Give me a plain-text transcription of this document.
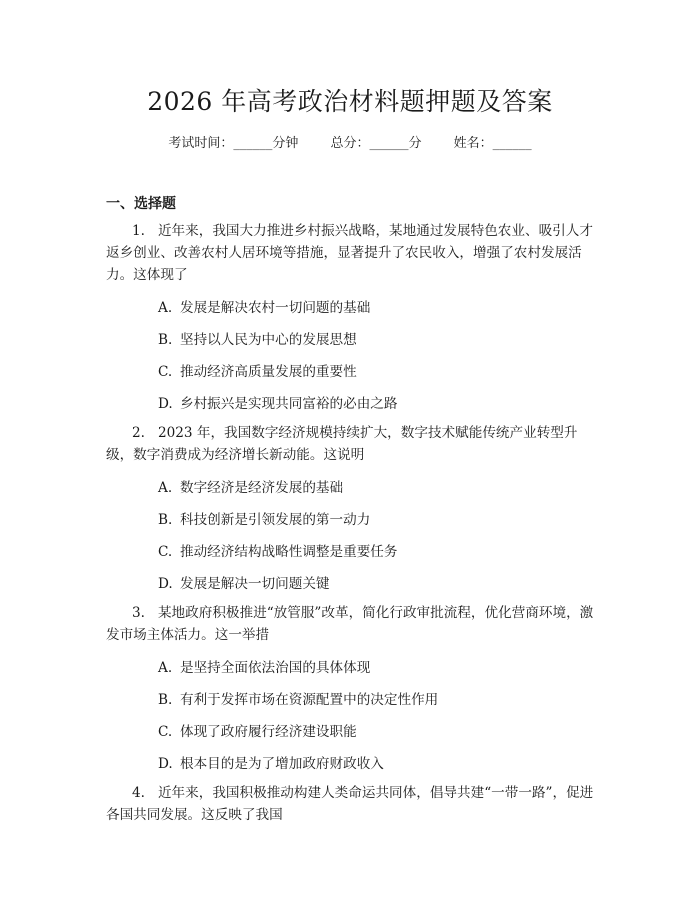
2026 年高考政治材料题押题及答案
考试时间：______分钟 总分：______分 姓名：______
一、选择题
1. 近年来，我国大力推进乡村振兴战略，某地通过发展特色农业、吸引人才返乡创业、改善农村人居环境等措施，显著提升了农民收入，增强了农村发展活力。这体现了
A. 发展是解决农村一切问题的基础
B. 坚持以人民为中心的发展思想
C. 推动经济高质量发展的重要性
D. 乡村振兴是实现共同富裕的必由之路
2. 2023 年，我国数字经济规模持续扩大，数字技术赋能传统产业转型升级，数字消费成为经济增长新动能。这说明
A. 数字经济是经济发展的基础
B. 科技创新是引领发展的第一动力
C. 推动经济结构战略性调整是重要任务
D. 发展是解决一切问题关键
3. 某地政府积极推进“放管服”改革，简化行政审批流程，优化营商环境，激发市场主体活力。这一举措
A. 是坚持全面依法治国的具体体现
B. 有利于发挥市场在资源配置中的决定性作用
C. 体现了政府履行经济建设职能
D. 根本目的是为了增加政府财政收入
4. 近年来，我国积极推动构建人类命运共同体，倡导共建“一带一路”，促进各国共同发展。这反映了我国
